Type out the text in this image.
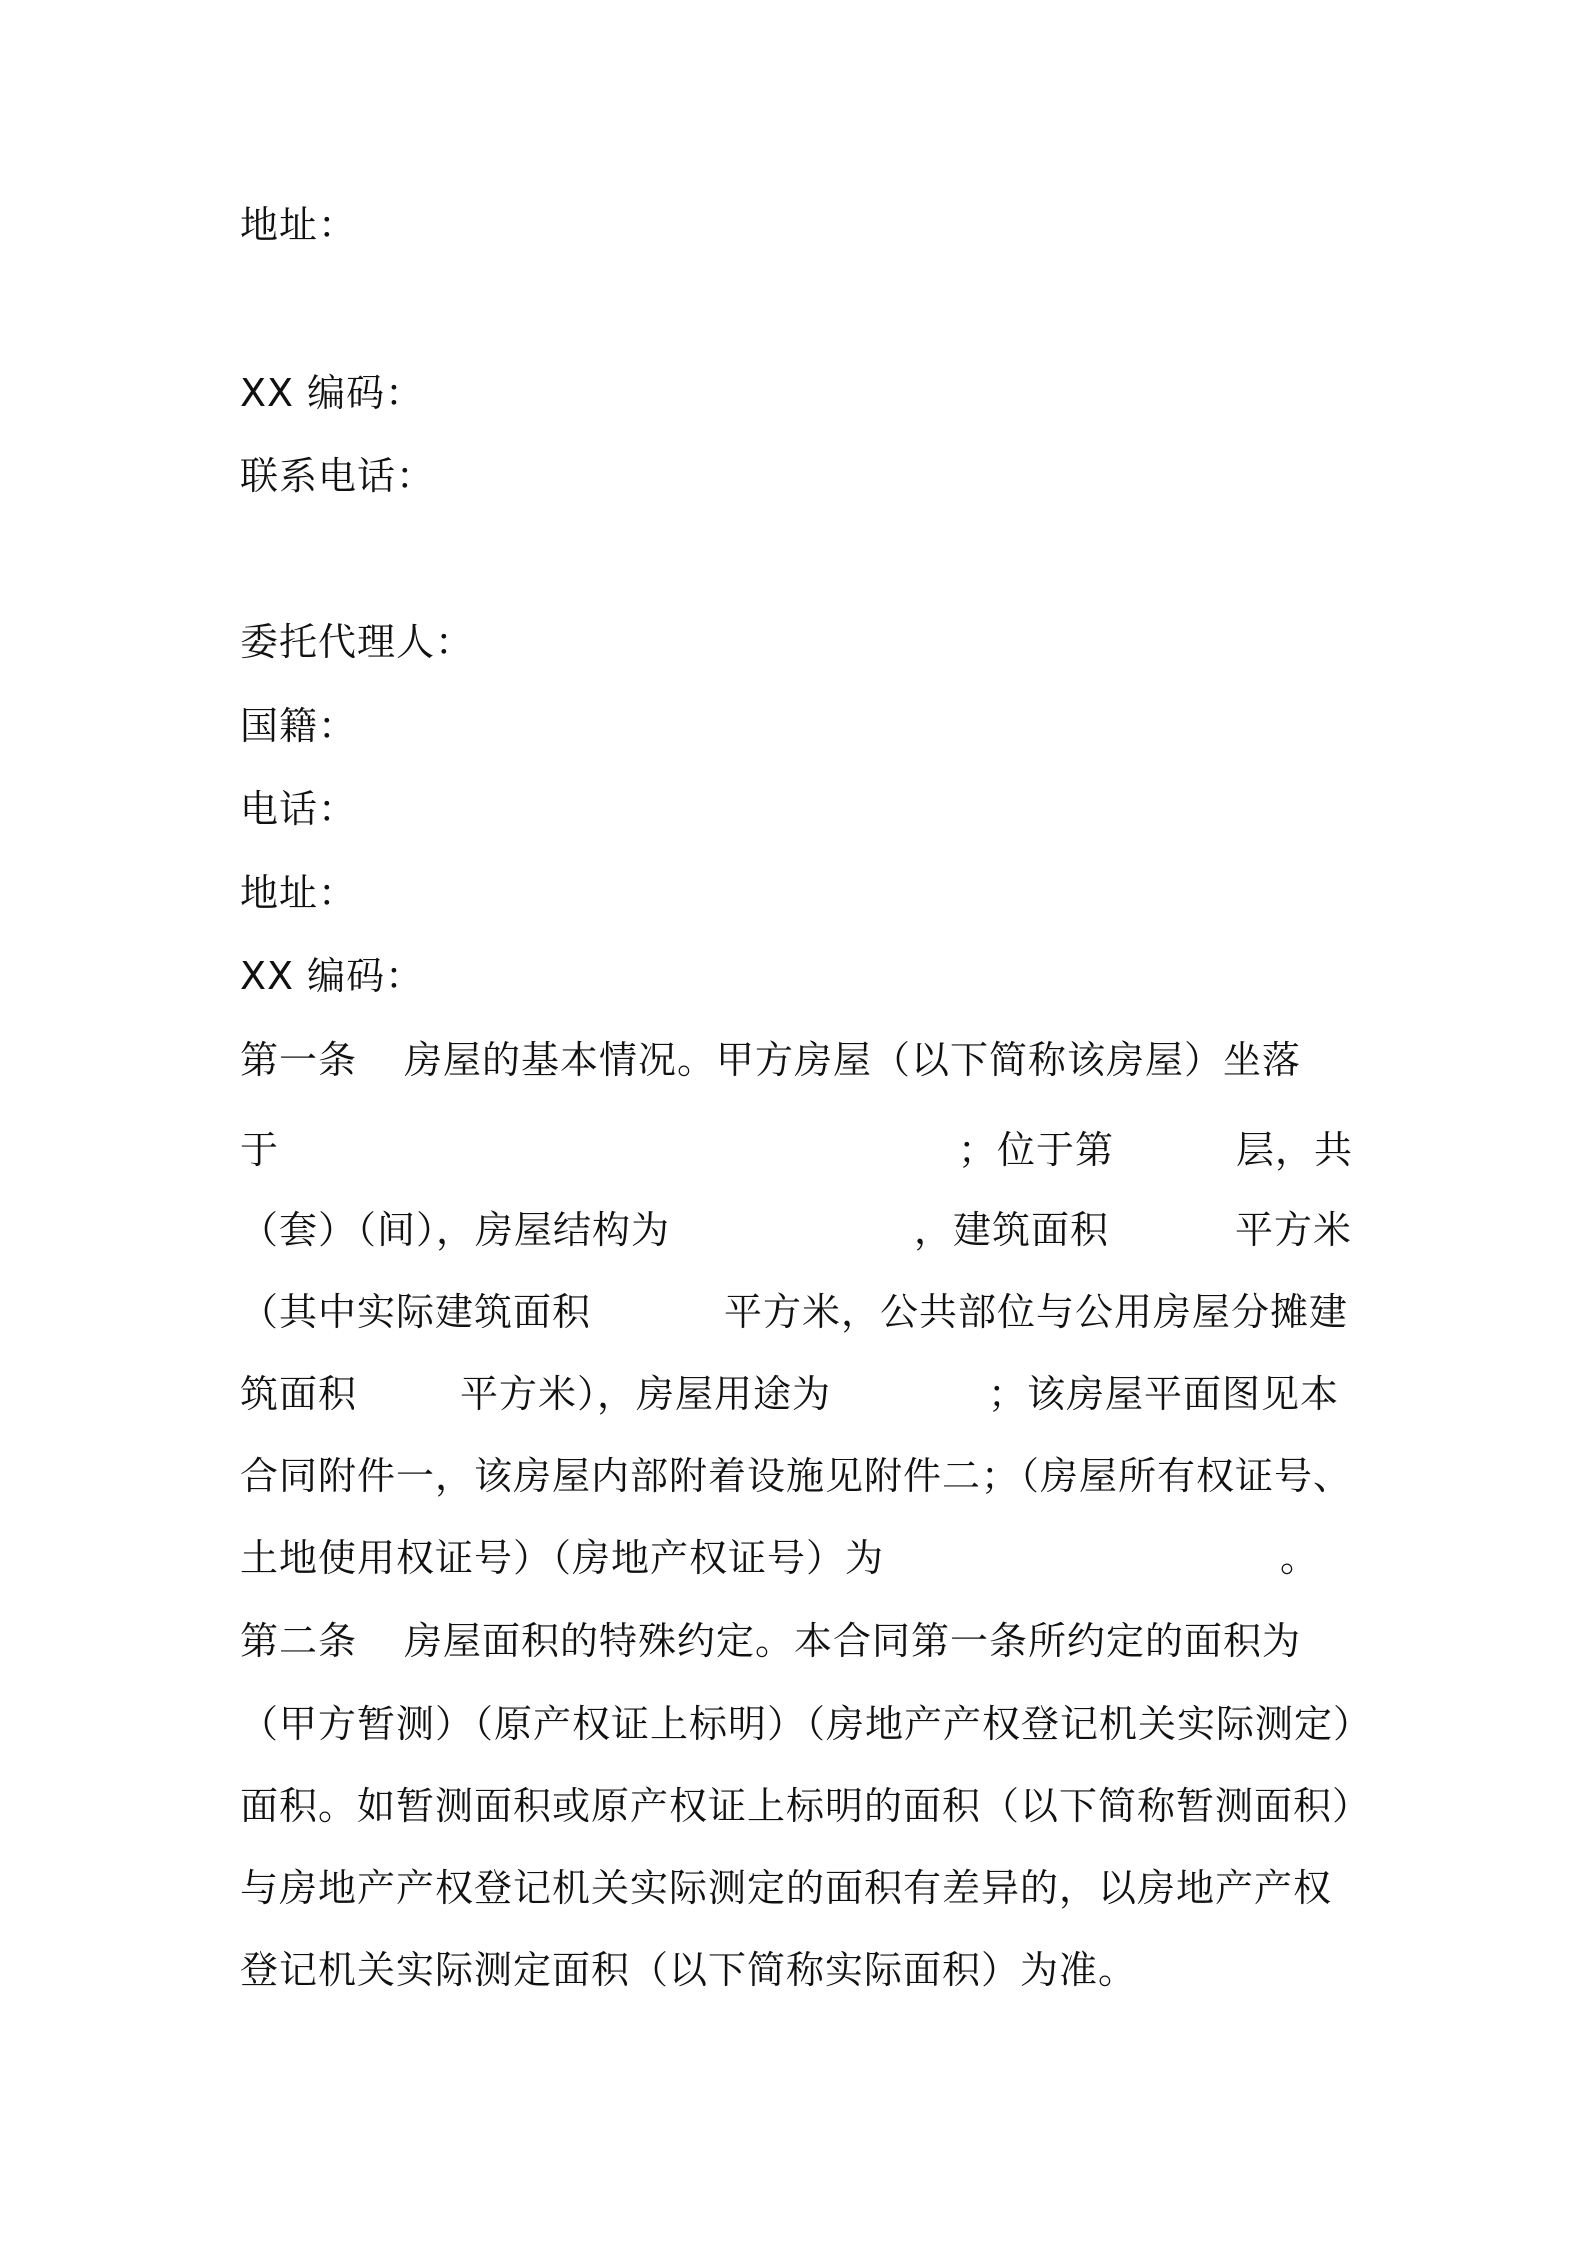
地址：
XX 编码：
联系电话：
委托代理人：
国籍：
电话：
地址：
XX 编码：

第一条

房屋的基本情况。甲方房屋（以下简称该房屋）坐落

于

	；位于第

	层，共

（套）（间），房屋结构为

	，建筑面积

	平方米

（其中实际建筑面积

	平方米，公共部位与公用房屋分摊建

筑面积

	平方米），房屋用途为

	；该房屋平面图见本

合同附件一，该房屋内部附着设施见附件二；（房屋所有权证号、

土地使用权证号）（房地产权证号）为

	。

第二条

房屋面积的特殊约定。本合同第一条所约定的面积为

（甲方暂测）（原产权证上标明）（房地产产权登记机关实际测定）
面积。如暂测面积或原产权证上标明的面积（以下简称暂测面积）
与房地产产权登记机关实际测定的面积有差异的，以房地产产权
登记机关实际测定面积（以下简称实际面积）为准。
